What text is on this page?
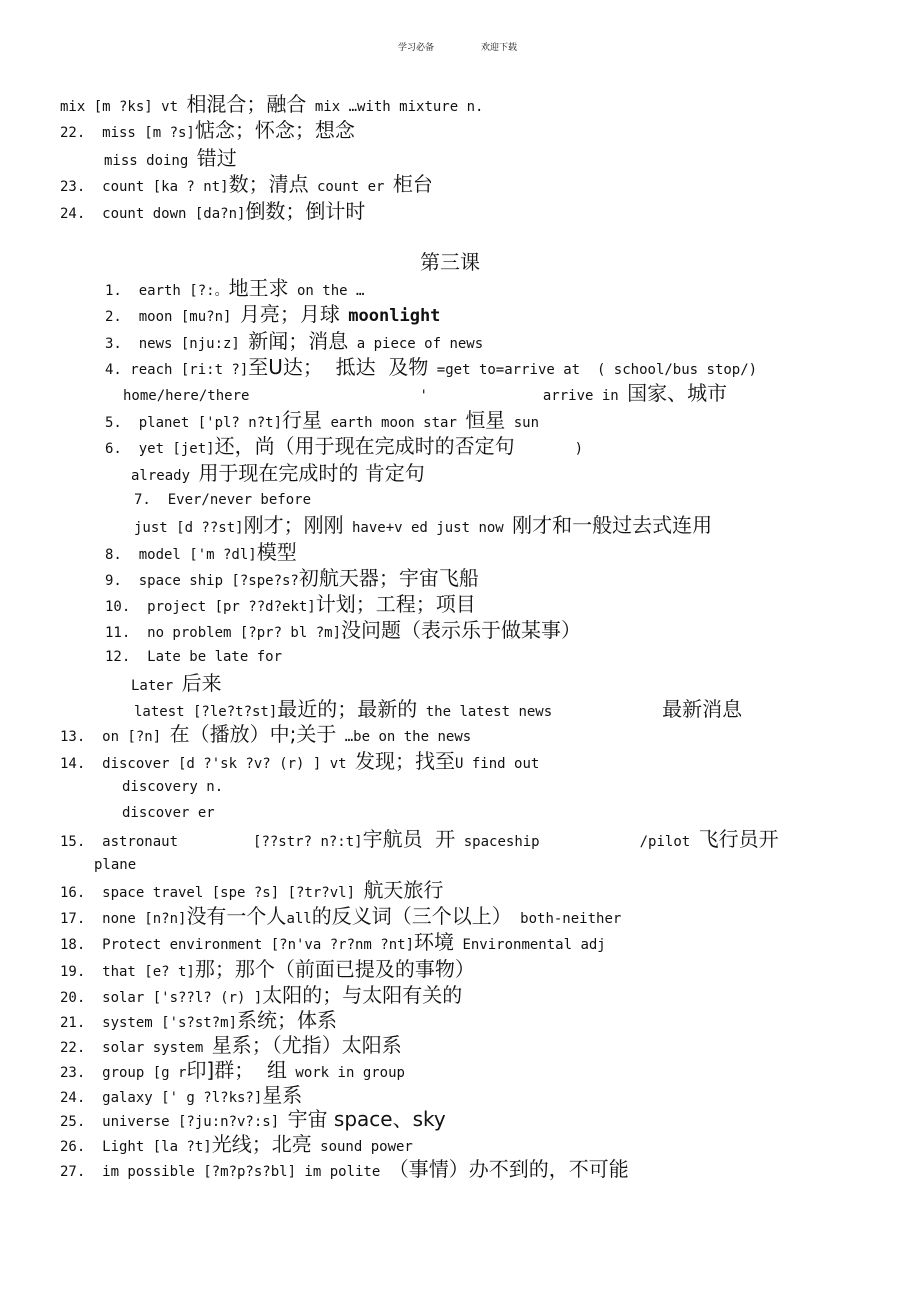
学习必备	欢迎下载
第三课
mix [m ?ks] vt 相混合；融合 mix …with mixture n.
22.  miss [m ?s]惦念；怀念；想念
miss doing 错过
23.  count [ka ? nt]数；清点 count er 柜台
24.  count down [da?n]倒数；倒计时
1.  earth [?:。地王求 on the …
2.  moon [mu?n] 月亮；月球 moonlight
3.  news [nju:z] 新闻；消息 a piece of news
4. reach [ri:t ?]至U达；  抵达  及物 =get to=arrive at  ( school/bus stop/)
home/here/there	'	arrive in 国家、城市
5.  planet ['pl? n?t]行星 earth moon star 恒星 sun
6.  yet [jet]还，尚（用于现在完成时的否定句	)
already 用于现在完成时的 肯定句
7.  Ever/never before
just [d ??st]刚才；刚刚 have+v ed just now 刚才和一般过去式连用
8.  model ['m ?dl]模型
9.  space ship [?spe?s?初航天器；宇宙飞船
10.  project [pr ??d?ekt]计划；工程；项目
11.  no problem [?pr? bl ?m]没问题（表示乐于做某事）
12.  Late be late for
Later 后来
latest [?le?t?st]最近的；最新的 the latest news	最新消息
13.  on [?n] 在（播放）中;关于 …be on the news
14.  discover [d ?'sk ?v? (r) ] vt 发现；找至U find out
discovery n.
discover er
15.  astronaut	[??str? n?:t]宇航员  开 spaceship	/pilot 飞行员开
plane
16.  space travel [spe ?s] [?tr?vl] 航天旅行
17.  none [n?n]没有一个人all的反义词（三个以上） both-neither
18.  Protect environment [?n'va ?r?nm ?nt]环境 Environmental adj
19.  that [e? t]那；那个（前面已提及的事物）
20.  solar ['s??l? (r) ]太阳的；与太阳有关的
21.  system ['s?st?m]系统；体系
22.  solar system 星系；（尤指）太阳系
23.  group [g r印]群；  组 work in group
24.  galaxy [' g ?l?ks?]星系
25.  universe [?ju:n?v?:s] 宇宙 space、sky
26.  Light [la ?t]光线；北亮 sound power
27.  im possible [?m?p?s?bl] im polite （事情）办不到的，不可能
